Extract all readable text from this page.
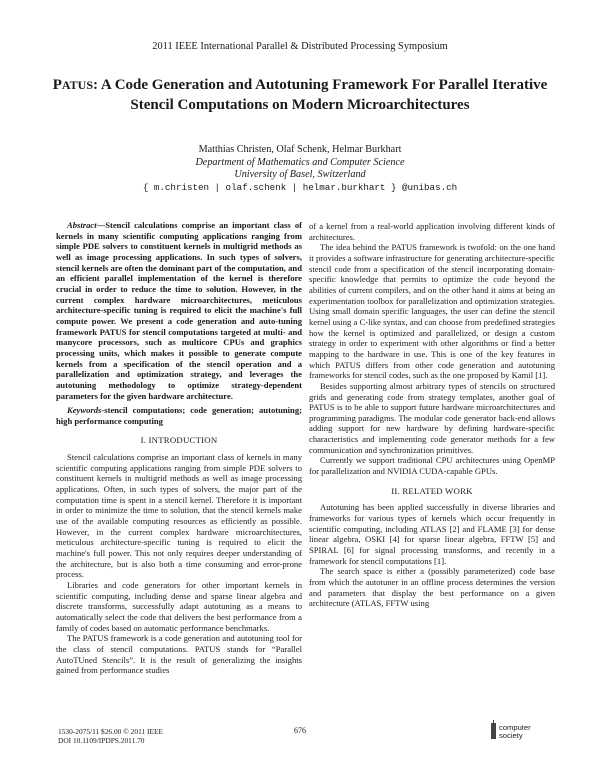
2011 IEEE International Parallel & Distributed Processing Symposium
PATUS: A Code Generation and Autotuning Framework For Parallel Iterative
Stencil Computations on Modern Microarchitectures
Matthias Christen, Olaf Schenk, Helmar Burkhart
Department of Mathematics and Computer Science
University of Basel, Switzerland
{ m.christen | olaf.schenk | helmar.burkhart } @unibas.ch

Abstract—Stencil calculations comprise an important class of kernels in many scientific computing applications ranging from simple PDE solvers to constituent kernels in multigrid methods as well as image processing applications. In such types of solvers, stencil kernels are often the dominant part of the computation, and an efficient parallel implementation of the kernel is therefore crucial in order to reduce the time to solution. However, in the current complex hardware microarchitectures, meticulous architecture-specific tuning is required to elicit the machine's full compute power. We present a code generation and auto-tuning framework PATUS for stencil computations targeted at multi- and manycore processors, such as multicore CPUs and graphics processing units, which makes it possible to generate compute kernels from a specification of the stencil operation and a parallelization and optimization strategy, and leverages the autotuning methodology to optimize strategy-dependent parameters for the given hardware architecture.

Keywords-stencil computations; code generation; autotuning; high performance computing

I. INTRODUCTION

Stencil calculations comprise an important class of kernels in many scientific computing applications ranging from simple PDE solvers to constituent kernels in multigrid methods as well as image processing applications. Often, in such types of solvers, the major part of the computation time is spent in a stencil kernel. Therefore it is important in order to minimize the time to solution, that the stencil kernels make use of the available computing resources as efficiently as possible. However, in the current complex hardware microarchitectures, meticulous architecture-specific tuning is required to elicit the machine's full power. This not only requires deeper understanding of the architecture, but is also both a time consuming and error-prone process.

Libraries and code generators for other important kernels in scientific computing, including dense and sparse linear algebra and discrete transforms, successfully adapt autotuning as a means to automatically select the code that delivers the best performance from a family of codes based on automatic performance benchmarks.

The PATUS framework is a code generation and autotuning tool for the class of stencil computations. PATUS stands for “Parallel AutoTUned Stencils”. It is the result of generalizing the insights gained from performance studies

of a kernel from a real-world application involving different kinds of architectures.

The idea behind the PATUS framework is twofold: on the one hand it provides a software infrastructure for generating architecture-specific stencil code from a specification of the stencil incorporating domain-specific knowledge that permits to optimize the code beyond the abilities of current compilers, and on the other hand it aims at being an experimentation toolbox for parallelization and optimization strategies. Using small domain specific languages, the user can define the stencil kernel using a C-like syntax, and can choose from predefined strategies how the kernel is optimized and parallelized, or design a custom strategy in order to experiment with other algorithms or find a better mapping to the hardware in use. This is one of the key features in which PATUS differs from other code generation and autotuning frameworks for stencil codes, such as the one proposed by Kamil [1].

Besides supporting almost arbitrary types of stencils on structured grids and generating code from strategy templates, another goal of PATUS is to be able to support future hardware microarchitectures and programming paradigms. The modular code generator back-end allows adding support for new hardware by defining hardware-specific characteristics and implementing code generator methods for a few communication and synchronization primitives.

Currently we support traditional CPU architectures using OpenMP for parallelization and NVIDIA CUDA-capable GPUs.

II. RELATED WORK

Autotuning has been applied successfully in diverse libraries and frameworks for various types of kernels which occur frequently in scientific computing, including ATLAS [2] and FLAME [3] for dense linear algebra, OSKI [4] for sparse linear algebra, FFTW [5] and SPIRAL [6] for signal processing transforms, and recently in a framework for stencil computations [1].

The search space is either a (possibly parameterized) code base from which the autotuner in an offline process determines the version and parameters that display the best performance on a given architecture (ATLAS, FFTW using

1530-2075/11 $26.00 © 2011 IEEE
DOI 10.1109/IPDPS.2011.70
676	computer
society
